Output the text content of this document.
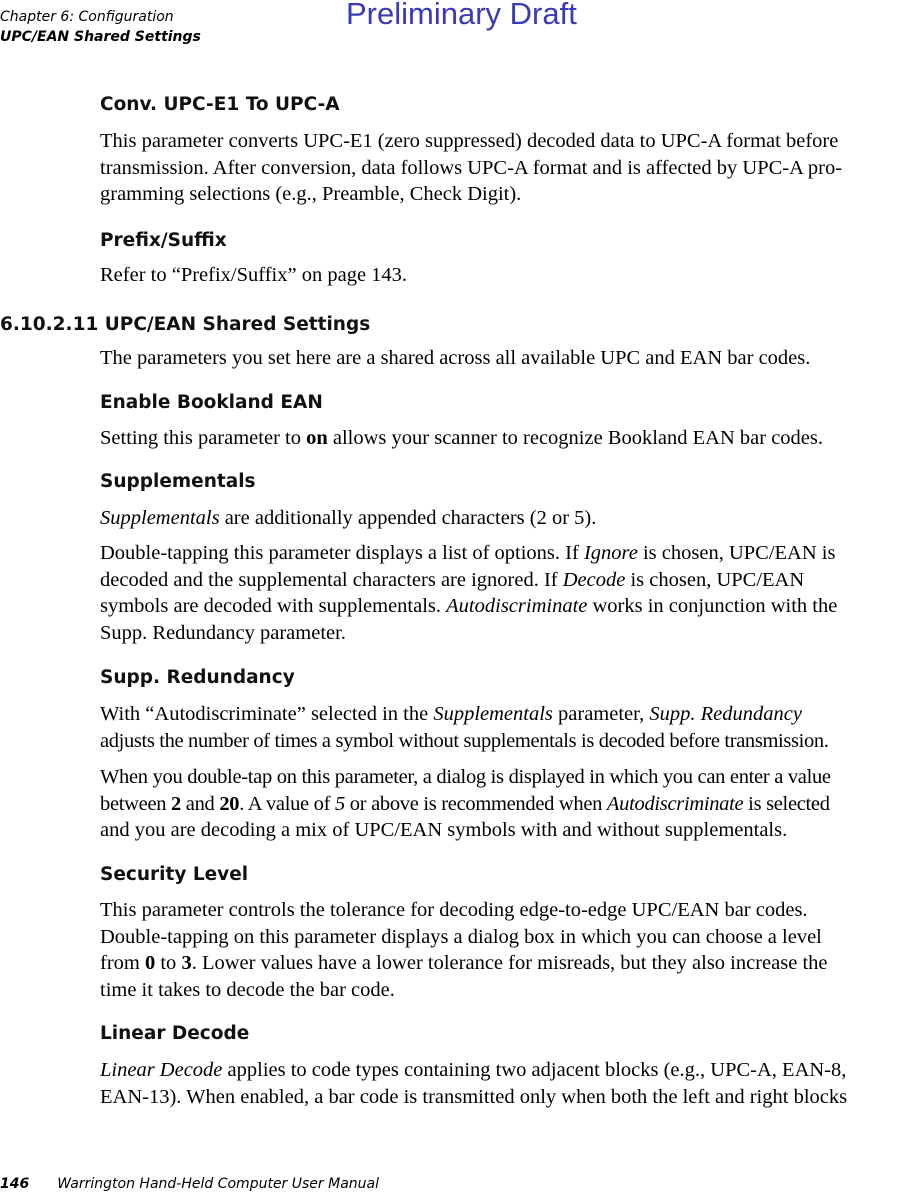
Chapter 6: Configuration
UPC/EAN Shared Settings
Preliminary Draft
Conv. UPC-E1 To UPC-A

This parameter converts UPC-E1 (zero suppressed) decoded data to UPC-A format before
transmission. After conversion, data follows UPC-A format and is affected by UPC-A pro-
gramming selections (e.g., Preamble, Check Digit).

Prefix/Suffix

Refer to “Prefix/Suffix” on page 143.

6.10.2.11 UPC/EAN Shared Settings

The parameters you set here are a shared across all available UPC and EAN bar codes.

Enable Bookland EAN

Setting this parameter to on allows your scanner to recognize Bookland EAN bar codes.

Supplementals

Supplementals are additionally appended characters (2 or 5).

Double-tapping this parameter displays a list of options. If Ignore is chosen, UPC/EAN is
decoded and the supplemental characters are ignored. If Decode is chosen, UPC/EAN
symbols are decoded with supplementals. Autodiscriminate works in conjunction with the
Supp. Redundancy parameter.

Supp. Redundancy

With “Autodiscriminate” selected in the Supplementals parameter, Supp. Redundancy
adjusts the number of times a symbol without supplementals is decoded before transmission.

When you double-tap on this parameter, a dialog is displayed in which you can enter a value
between 2 and 20. A value of 5 or above is recommended when Autodiscriminate is selected
and you are decoding a mix of UPC/EAN symbols with and without supplementals.

Security Level

This parameter controls the tolerance for decoding edge-to-edge UPC/EAN bar codes.
Double-tapping on this parameter displays a dialog box in which you can choose a level
from 0 to 3. Lower values have a lower tolerance for misreads, but they also increase the
time it takes to decode the bar code.

Linear Decode

Linear Decode applies to code types containing two adjacent blocks (e.g., UPC-A, EAN-8,
EAN-13). When enabled, a bar code is transmitted only when both the left and right blocks

146 Warrington Hand-Held Computer User Manual
